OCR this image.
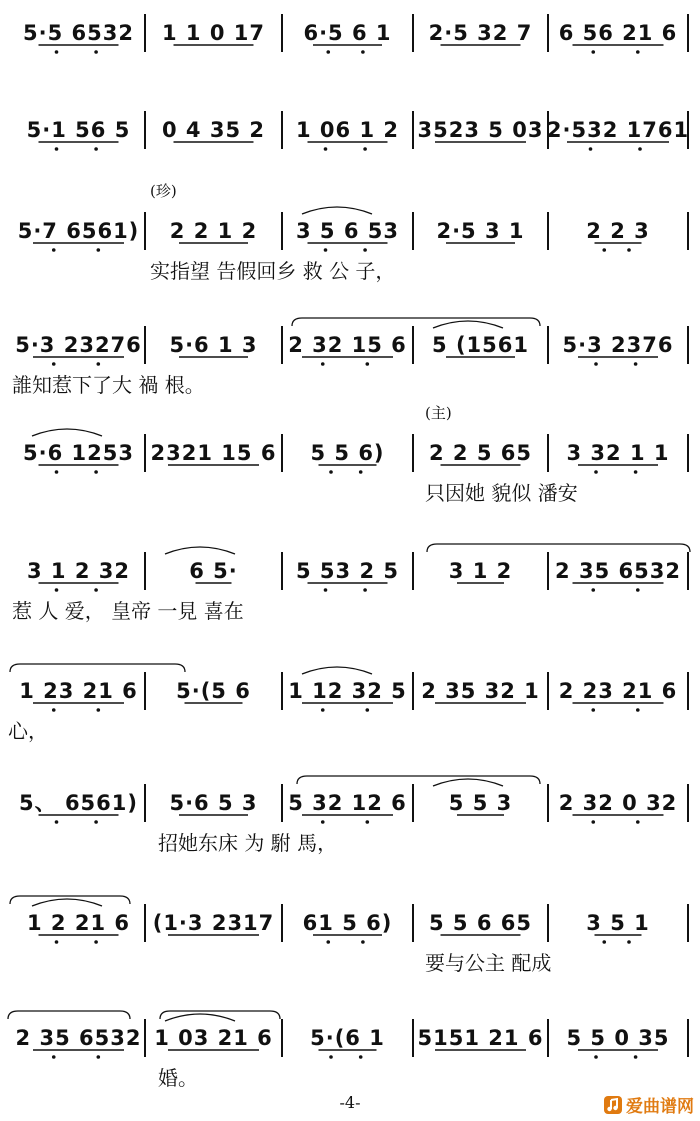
5·5 6532 1 1 0 17 6·5 6 1 2·5 32 7 6 56 21 6
5·1 56 5 0 4 35 2 1 06 1 2 3523 5 03 2·532 1761
5·7 6561) 2 2 1 2 3 5 6 53 2·5 3 1	2 2 3
5·3 23276 5·6 1 3 2 32 15 6 5 (1561 5·3 2376
5·6 1253 2321 15 6 5 5 6) 2 2 5 65 3 32 1 1
3 1 2 32	6 5·	5 53 2 5 3 1 2 2 35 6532
1 23 21 6 5·(5 6 1 12 32 5 2 35 32 1 2 23 21 6
5、 6561) 5·6 5 3 5 32 12 6 5 5 3 2 32 0 32
1 2 21 6 (1·3 2317 61 5 6) 5 5 6 65	3 5 1
2 35 6532 1 03 21 6 5·(6 1 5151 21 6 5 5 0 35
实指望 告假回乡 救 公 子，
誰知惹下了大 禍 根。
只因她 貌似 潘安
惹 人 爱， 皇帝 一見 喜在
心，
招她东床 为 駙 馬，
要与公主 配成
婚。
(珍)
(主)
-4-	爱曲谱网
